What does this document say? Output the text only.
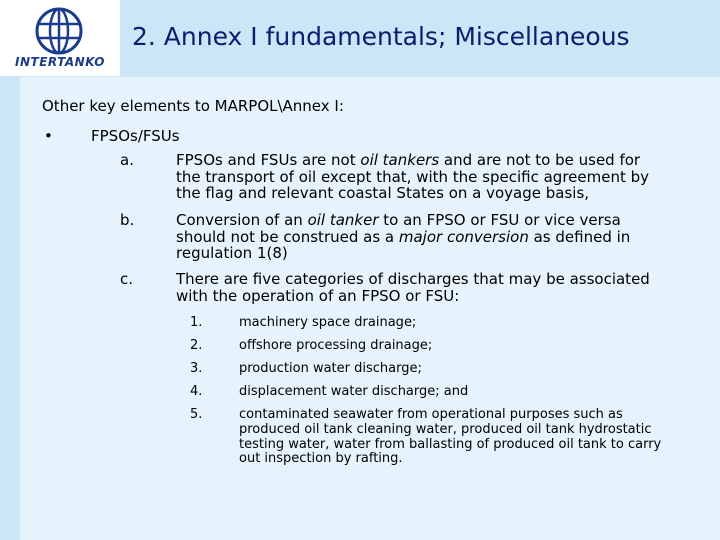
INTERTANKO
2. Annex I fundamentals; Miscellaneous
Other key elements to MARPOL\Annex I:
•	FPSOs/FSUs
a.	FPSOs and FSUs are not oil tankers and are not to be used for
the transport of oil except that, with the specific agreement by
the flag and relevant coastal States on a voyage basis,
b.	Conversion of an oil tanker to an FPSO or FSU or vice versa
should not be construed as a major conversion as defined in
regulation 1(8)
c.	There are five categories of discharges that may be associated
with the operation of an FPSO or FSU:
1.	machinery space drainage;
2.	offshore processing drainage;
3.	production water discharge;
4.	displacement water discharge; and
5.	contaminated seawater from operational purposes such as
produced oil tank cleaning water, produced oil tank hydrostatic
testing water, water from ballasting of produced oil tank to carry
out inspection by rafting.
